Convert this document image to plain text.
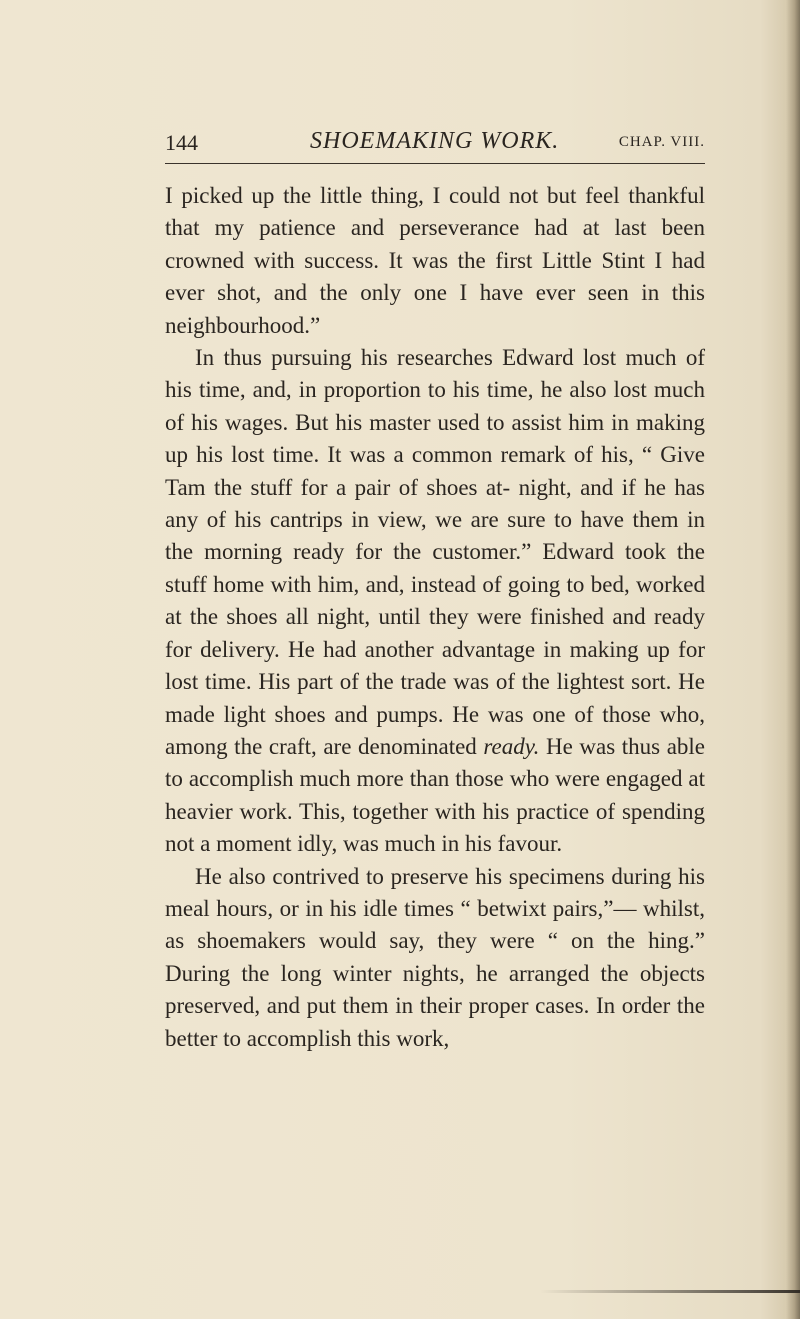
144	SHOEMAKING WORK.	CHAP. VIII.

I picked up the little thing, I could not but feel thankful that my patience and perseverance had at last been crowned with success. It was the first Little Stint I had ever shot, and the only one I have ever seen in this neighbourhood.”

In thus pursuing his researches Edward lost much of his time, and, in proportion to his time, he also lost much of his wages. But his master used to assist him in making up his lost time. It was a common remark of his, “ Give Tam the stuff for a pair of shoes at- night, and if he has any of his cantrips in view, we are sure to have them in the morning ready for the customer.” Edward took the stuff home with him, and, instead of going to bed, worked at the shoes all night, until they were finished and ready for delivery. He had another advantage in making up for lost time. His part of the trade was of the lightest sort. He made light shoes and pumps. He was one of those who, among the craft, are denominated ready. He was thus able to accomplish much more than those who were engaged at heavier work. This, together with his practice of spending not a moment idly, was much in his favour.

He also contrived to preserve his specimens during his meal hours, or in his idle times “ betwixt pairs,”— whilst, as shoemakers would say, they were “ on the hing.” During the long winter nights, he arranged the objects preserved, and put them in their proper cases. In order the better to accomplish this work,
